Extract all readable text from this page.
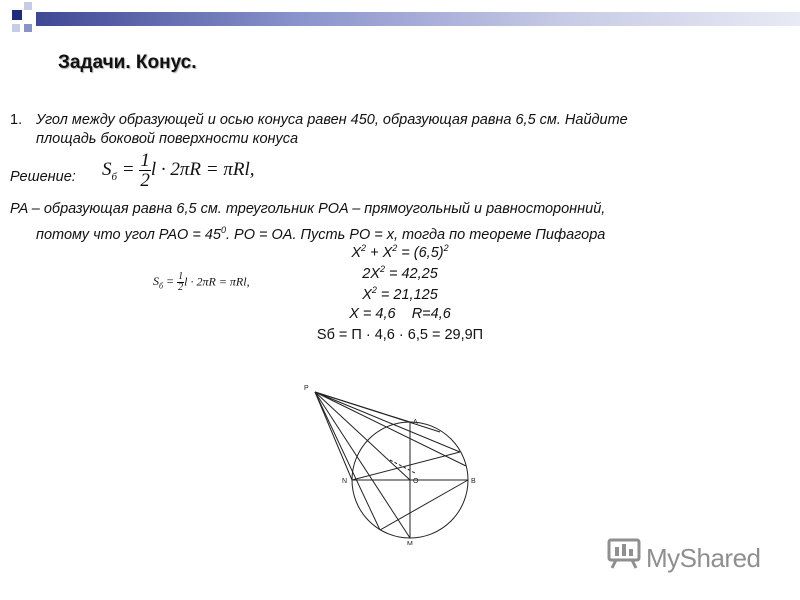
Задачи. Конус.
1. Угол между образующей и осью конуса равен 450, образующая равна 6,5 см. Найдите
площадь боковой поверхности конуса
Решение: $S_б = \frac{1}{2}$ l · 2πR = πRl,
PA – образующая равна 6,5 см. треугольник POA – прямоугольный и равносторонний,
потому что угол PAO = $45^0$. PO = OA. Пусть PO = x, тогда по теореме Пифагора
$X^2 + X^2 = (6,5)^2$
$2X^2 = 42,25$
$X^2 = 21,125$
X = 4,6 R=4,6
Sб = П · 4,6 · 6,5 = 29,9П
$S_б = \frac{1}{2}$ l · 2πR = πRl,
P
A
N	O	B
M	MyShared
